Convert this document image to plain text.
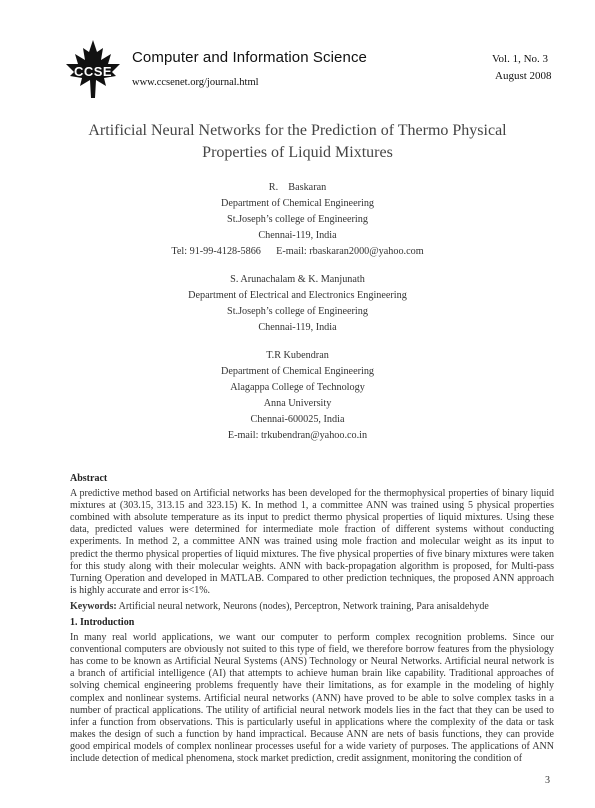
CCSE
Computer and Information Science
www.ccsenet.org/journal.html
Vol. 1, No. 3
August 2008
Artificial Neural Networks for the Prediction of Thermo Physical
Properties of Liquid Mixtures
R.    Baskaran
Department of Chemical Engineering
St.Joseph’s college of Engineering
Chennai-119, India
Tel: 91-99-4128-5866      E-mail: rbaskaran2000@yahoo.com
S. Arunachalam & K. Manjunath
Department of Electrical and Electronics Engineering
St.Joseph’s college of Engineering
Chennai-119, India
T.R Kubendran
Department of Chemical Engineering
Alagappa College of Technology
Anna University
Chennai-600025, India
E-mail: trkubendran@yahoo.co.in
Abstract
A predictive method based on Artificial networks has been developed for the thermophysical properties of binary liquid mixtures at (303.15, 313.15 and 323.15) K. In method 1, a committee ANN was trained using 5 physical properties combined with absolute temperature as its input to predict thermo physical properties of liquid mixtures. Using these data, predicted values were determined for intermediate mole fraction of different systems without conducting experiments. In method 2, a committee ANN was trained using mole fraction and molecular weight as its input to predict the thermo physical properties of liquid mixtures. The five physical properties of five binary mixtures were taken for this study along with their molecular weights. ANN with back-propagation algorithm is proposed, for Multi-pass Turning Operation and developed in MATLAB. Compared to other prediction techniques, the proposed ANN approach is highly accurate and error is<1%.
Keywords: Artificial neural network, Neurons (nodes), Perceptron, Network training, Para anisaldehyde
1. Introduction
In many real world applications, we want our computer to perform complex recognition problems. Since our conventional computers are obviously not suited to this type of field, we therefore borrow features from the physiology has come to be known as Artificial Neural Systems (ANS) Technology or Neural Networks. Artificial neural network is a branch of artificial intelligence (AI) that attempts to achieve human brain like capability. Traditional approaches of solving chemical engineering problems frequently have their limitations, as for example in the modeling of highly complex and nonlinear systems. Artificial neural networks (ANN) have proved to be able to solve complex tasks in a number of practical applications. The utility of artificial neural network models lies in the fact that they can be used to infer a function from observations. This is particularly useful in applications where the complexity of the data or task makes the design of such a function by hand impractical. Because ANN are nets of basis functions, they can provide good empirical models of complex nonlinear processes useful for a wide variety of purposes. The applications of ANN include detection of medical phenomena, stock market prediction, credit assignment, monitoring the condition of
3
